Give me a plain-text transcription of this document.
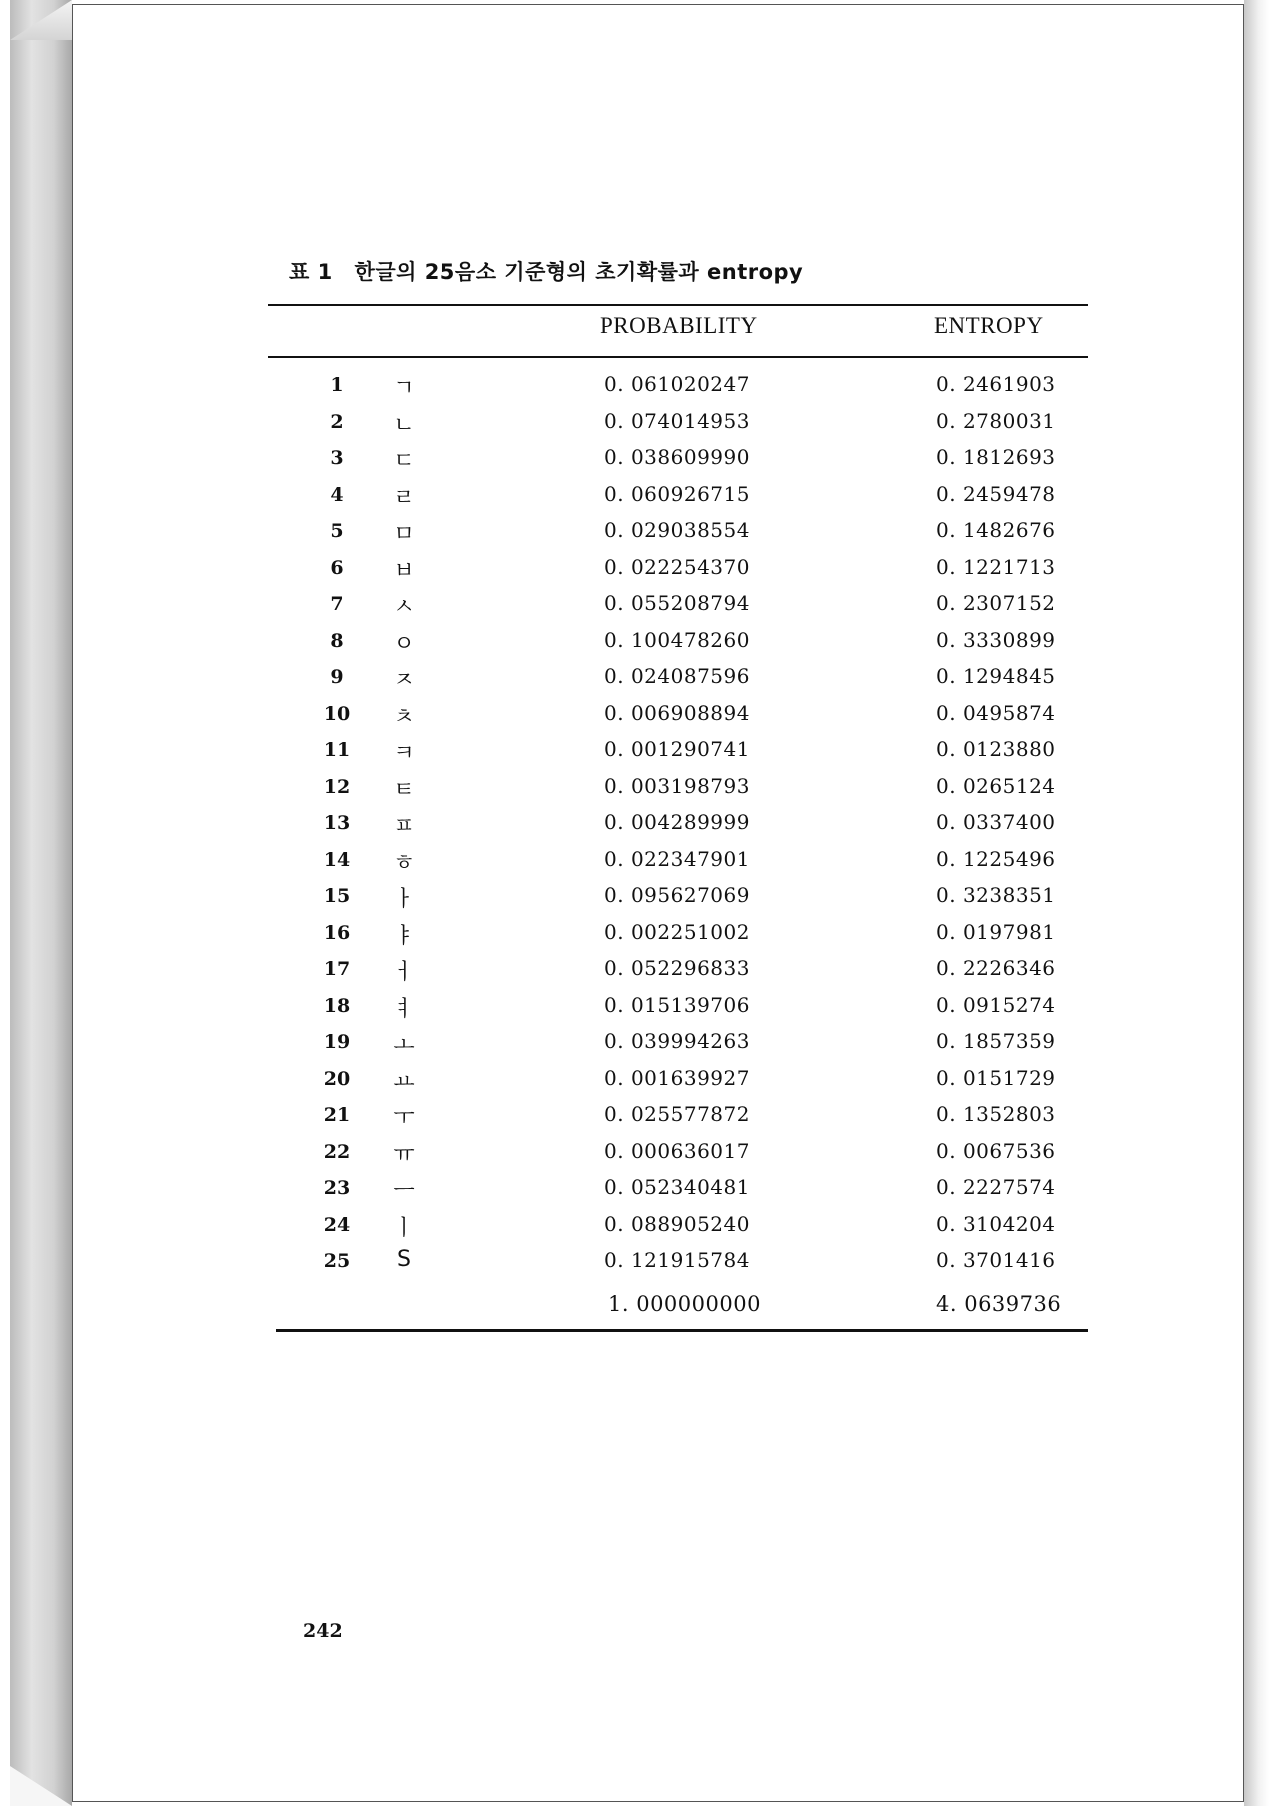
표 1 한글의 25음소 기준형의 초기확률과 entropy
PROBABILITY	ENTROPY
1	ㄱ	0. 061020247	0. 2461903
2	ㄴ	0. 074014953	0. 2780031
3	ㄷ	0. 038609990	0. 1812693
4	ㄹ	0. 060926715	0. 2459478
5	ㅁ	0. 029038554	0. 1482676
6	ㅂ	0. 022254370	0. 1221713
7	ㅅ	0. 055208794	0. 2307152
8	ㅇ	0. 100478260	0. 3330899
9	ㅈ	0. 024087596	0. 1294845
10	ㅊ	0. 006908894	0. 0495874
11	ㅋ	0. 001290741	0. 0123880
12	ㅌ	0. 003198793	0. 0265124
13	ㅍ	0. 004289999	0. 0337400
14	ㅎ	0. 022347901	0. 1225496
15	ㅏ	0. 095627069	0. 3238351
16	ㅑ	0. 002251002	0. 0197981
17	ㅓ	0. 052296833	0. 2226346
18	ㅕ	0. 015139706	0. 0915274
19	ㅗ	0. 039994263	0. 1857359
20	ㅛ	0. 001639927	0. 0151729
21	ㅜ	0. 025577872	0. 1352803
22	ㅠ	0. 000636017	0. 0067536
23	ㅡ	0. 052340481	0. 2227574
24	ㅣ	0. 088905240	0. 3104204
25	S	0. 121915784	0. 3701416
1. 000000000	4. 0639736
242
